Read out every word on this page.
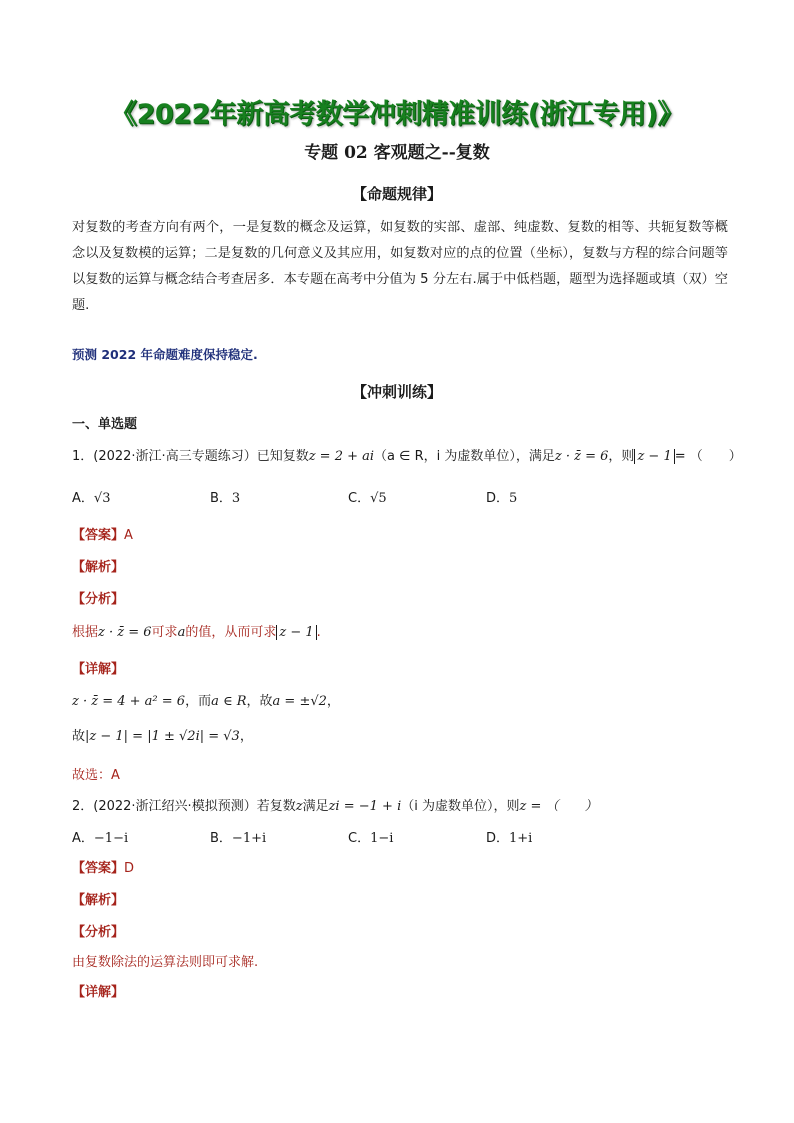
《2022年新高考数学冲刺精准训练(浙江专用)》
专题 02 客观题之--复数
【命题规律】
对复数的考查方向有两个，一是复数的概念及运算，如复数的实部、虚部、纯虚数、复数的相等、共轭复数等概念以及复数模的运算；二是复数的几何意义及其应用，如复数对应的点的位置（坐标），复数与方程的综合问题等以复数的运算与概念结合考查居多．本专题在高考中分值为 5 分左右.属于中低档题，题型为选择题或填（双）空题.
预测 2022 年命题难度保持稳定.
【冲刺训练】
一、单选题
1．(2022·浙江·高三专题练习）已知复数z = 2 + ai（a ∈ R，i 为虚数单位），满足z · z̄ = 6，则 z − 1 = （　　）
A．√3	B．3	C．√5	D．5
【答案】A
【解析】
【分析】
根据z · z̄ = 6可求a的值，从而可求 z − 1 .
【详解】
z · z̄ = 4 + a² = 6，而a ∈ R，故a = ±√2，
故|z − 1| = |1 ± √2i| = √3，
故选：A
2．(2022·浙江绍兴·模拟预测）若复数z满足zi = −1 + i（i 为虚数单位），则z = （　　）
A．−1−i	B．−1+i	C．1−i	D．1+i
【答案】D
【解析】
【分析】
由复数除法的运算法则即可求解.
【详解】
